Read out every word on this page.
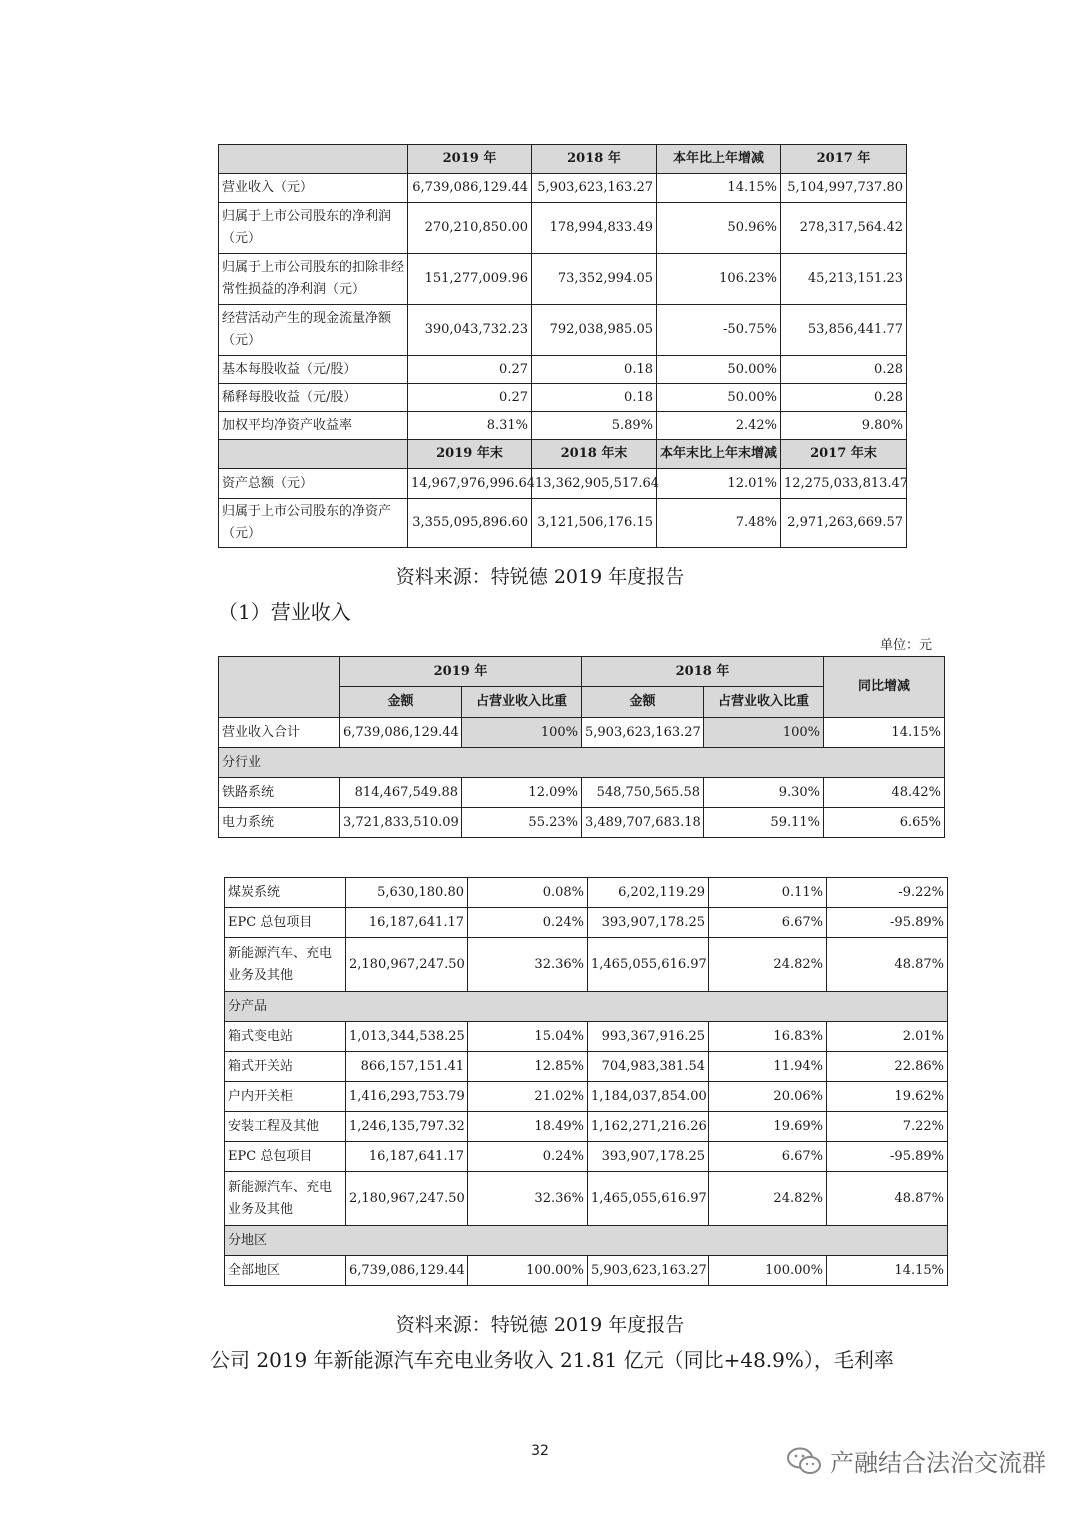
	2019 年	2018 年	本年比上年增减	2017 年
营业收入（元）	6,739,086,129.44	5,903,623,163.27	14.15%	5,104,997,737.80
归属于上市公司股东的净利润（元）	270,210,850.00	178,994,833.49	50.96%	278,317,564.42
归属于上市公司股东的扣除非经常性损益的净利润（元）	151,277,009.96	73,352,994.05	106.23%	45,213,151.23
经营活动产生的现金流量净额（元）	390,043,732.23	792,038,985.05	-50.75%	53,856,441.77
基本每股收益（元/股）	0.27	0.18	50.00%	0.28
稀释每股收益（元/股）	0.27	0.18	50.00%	0.28
加权平均净资产收益率	8.31%	5.89%	2.42%	9.80%
	2019 年末	2018 年末	本年末比上年末增减	2017 年末
资产总额（元）	14,967,976,996.64	13,362,905,517.64	12.01%	12,275,033,813.47
归属于上市公司股东的净资产（元）	3,355,095,896.60	3,121,506,176.15	7.48%	2,971,263,669.57
资料来源：特锐德 2019 年度报告
（1）营业收入
单位：元
	2019 年		2018 年		同比增减
	金额	占营业收入比重	金额	占营业收入比重	
营业收入合计	6,739,086,129.44	100%	5,903,623,163.27	100%	14.15%
分行业					
铁路系统	814,467,549.88	12.09%	548,750,565.58	9.30%	48.42%
电力系统	3,721,833,510.09	55.23%	3,489,707,683.18	59.11%	6.65%
煤炭系统	5,630,180.80	0.08%	6,202,119.29	0.11%	-9.22%
EPC 总包项目	16,187,641.17	0.24%	393,907,178.25	6.67%	-95.89%
新能源汽车、充电业务及其他	2,180,967,247.50	32.36%	1,465,055,616.97	24.82%	48.87%
分产品					
箱式变电站	1,013,344,538.25	15.04%	993,367,916.25	16.83%	2.01%
箱式开关站	866,157,151.41	12.85%	704,983,381.54	11.94%	22.86%
户内开关柜	1,416,293,753.79	21.02%	1,184,037,854.00	20.06%	19.62%
安装工程及其他	1,246,135,797.32	18.49%	1,162,271,216.26	19.69%	7.22%
EPC 总包项目	16,187,641.17	0.24%	393,907,178.25	6.67%	-95.89%
新能源汽车、充电业务及其他	2,180,967,247.50	32.36%	1,465,055,616.97	24.82%	48.87%
分地区					
全部地区	6,739,086,129.44	100.00%	5,903,623,163.27	100.00%	14.15%
资料来源：特锐德 2019 年度报告
公司 2019 年新能源汽车充电业务收入 21.81 亿元（同比+48.9%），毛利率
32	产融结合法治交流群
